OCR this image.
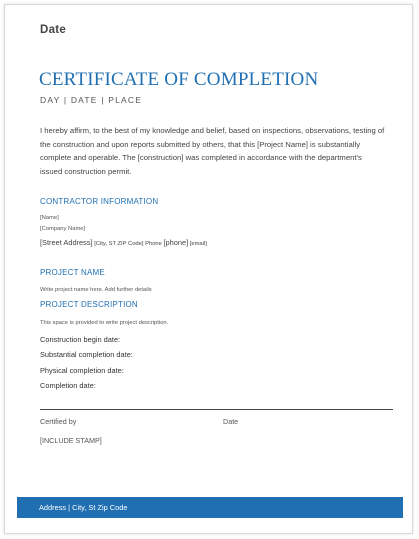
Date
CERTIFICATE OF COMPLETION
DAY | DATE | PLACE
I hereby affirm, to the best of my knowledge and belief, based on inspections, observations, testing of the construction and upon reports submitted by others, that this [Project Name] is substantially complete and operable. The [construction] was completed in accordance with the department's issued construction permit.
CONTRACTOR INFORMATION
[Name]
[Company Name]
[Street Address] [City, ST ZIP Code] Phone [phone] [email]
PROJECT NAME
Write project name here. Add further details
PROJECT DESCRIPTION
This space is provided to write project description.
Construction begin date:
Substantial completion date:
Physical completion date:
Completion date:
Certified by	Date
[INCLUDE STAMP]
Address | City, St Zip Code
